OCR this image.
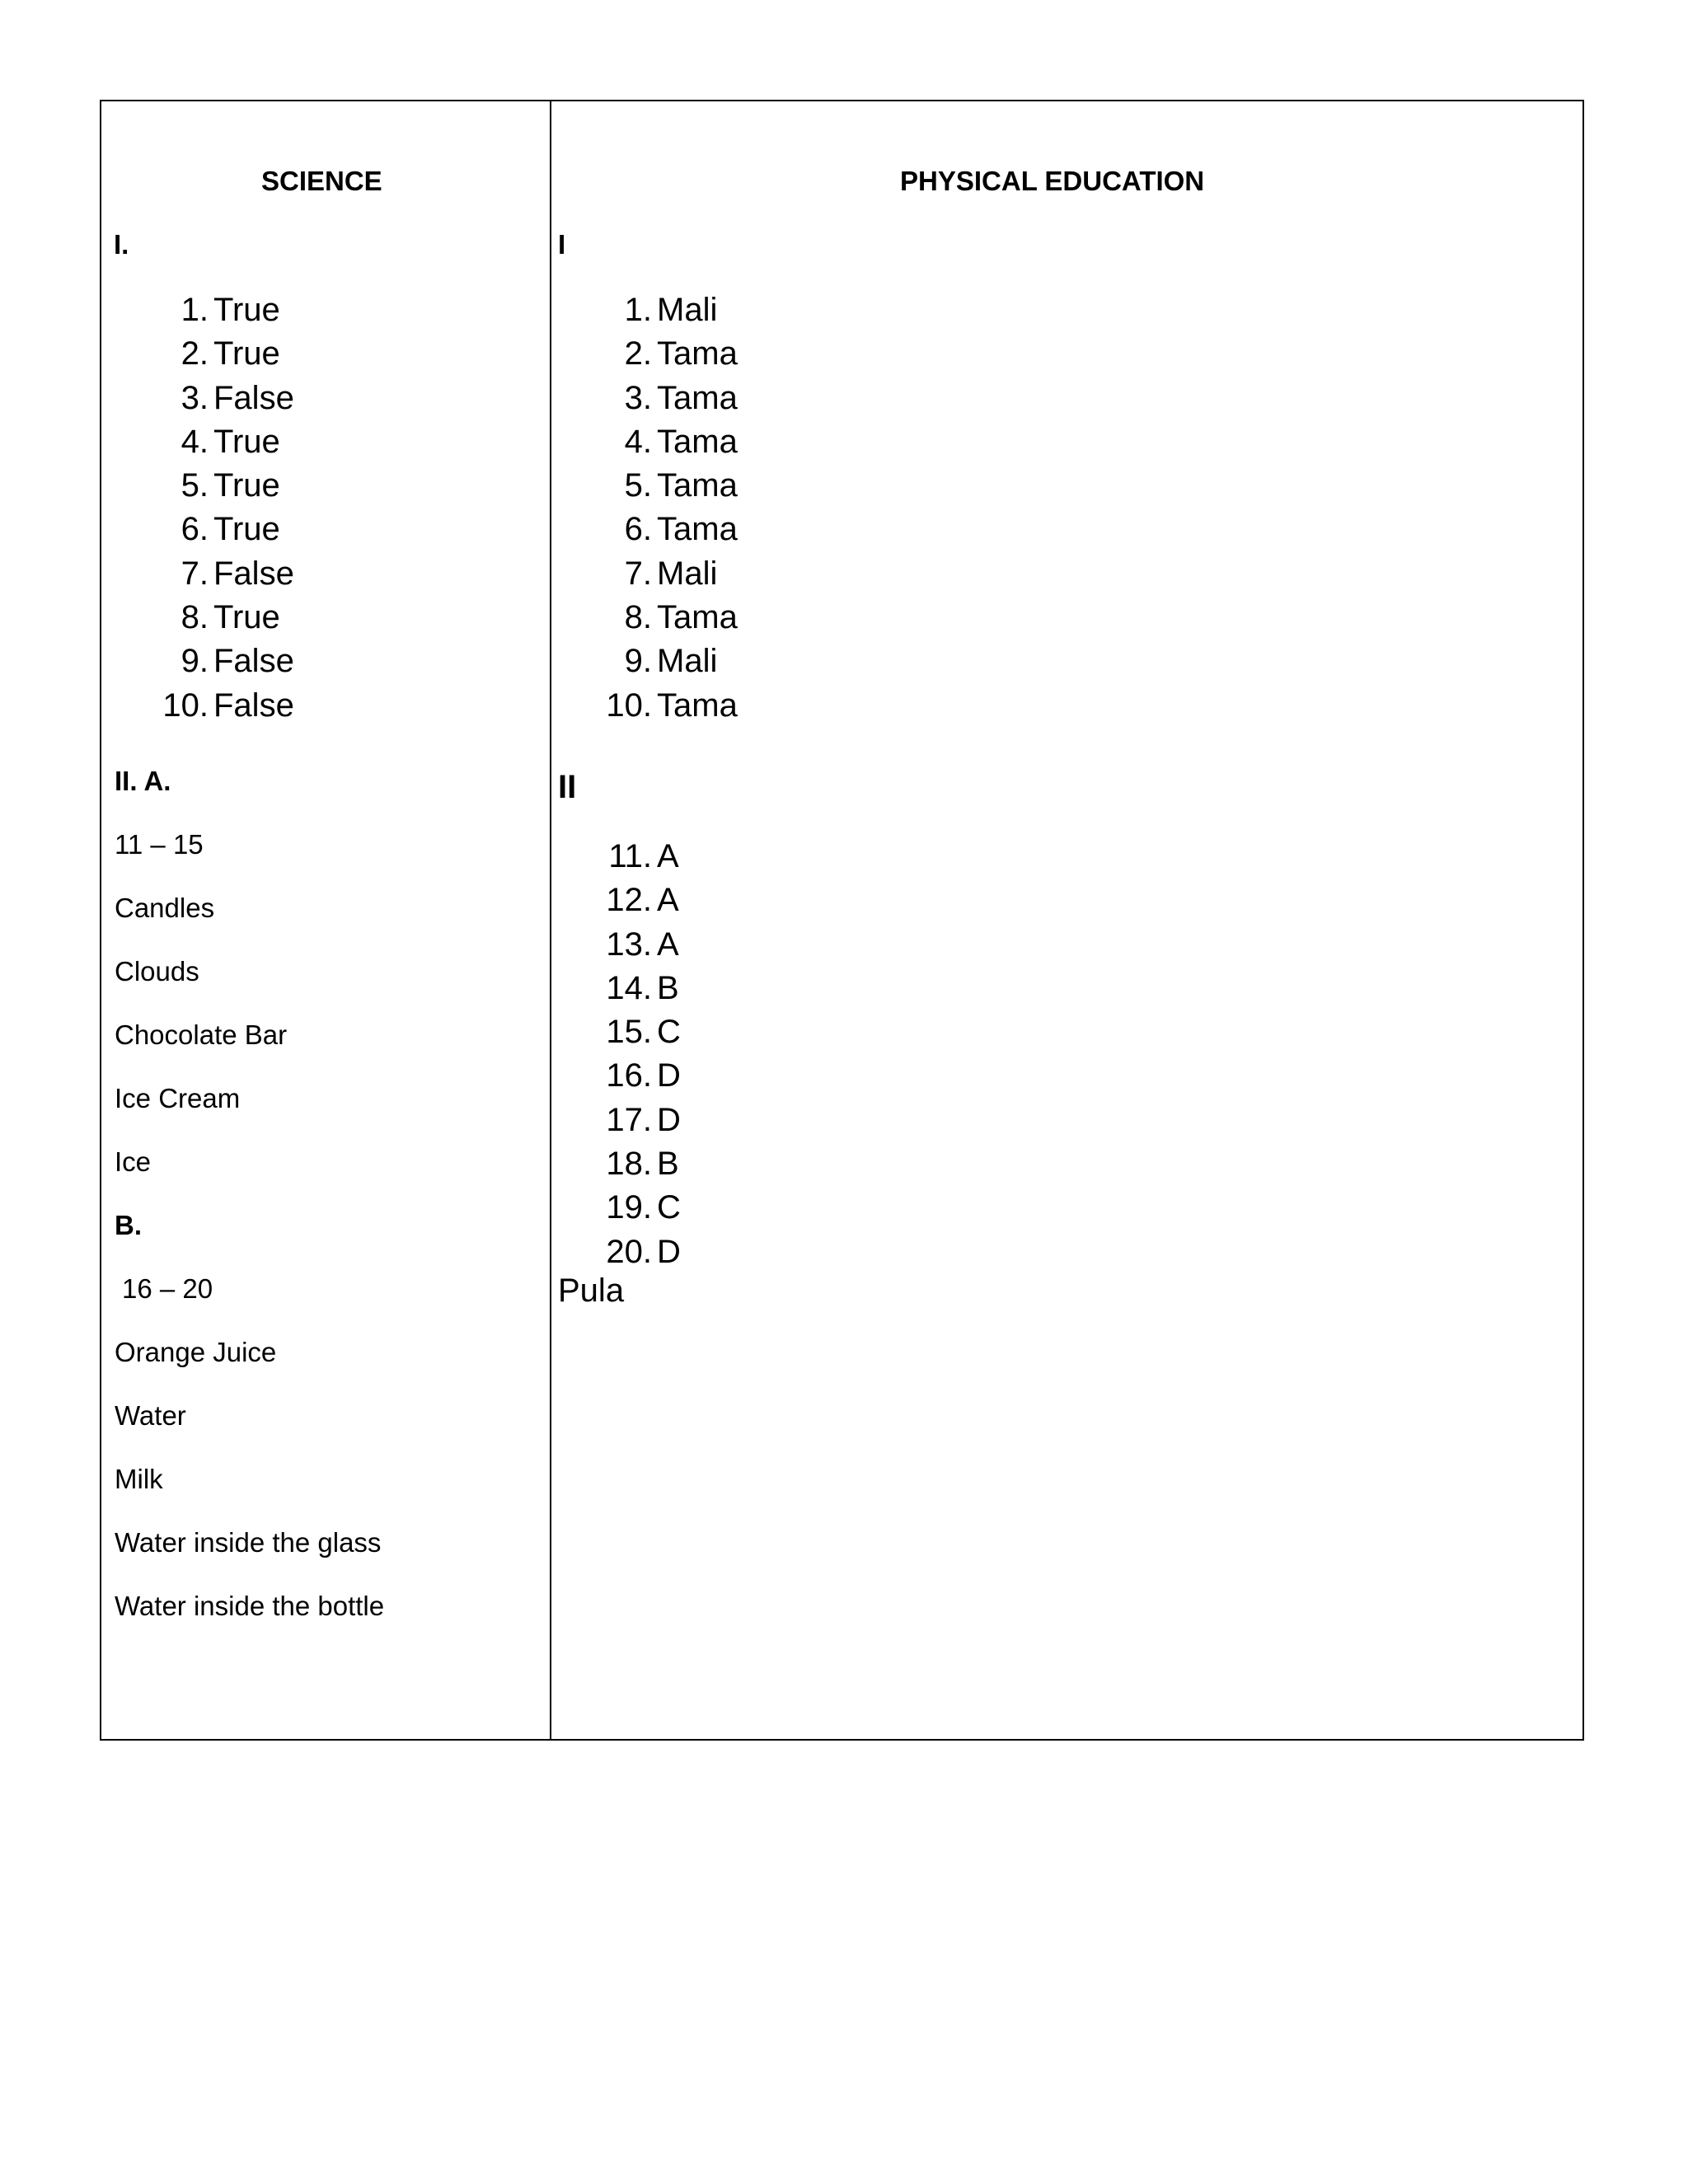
SCIENCE
I.
1. True
2. True
3. False
4. True
5. True
6. True
7. False
8. True
9. False
10. False
II. A.
11 – 15
Candles
Clouds
Chocolate Bar
Ice Cream
Ice
B.
16 – 20
Orange Juice
Water
Milk
Water inside the glass
Water inside the bottle
PHYSICAL EDUCATION
I
1. Mali
2. Tama
3. Tama
4. Tama
5. Tama
6. Tama
7. Mali
8. Tama
9. Mali
10. Tama
II
11. A
12. A
13. A
14. B
15. C
16. D
17. D
18. B
19. C
20. D
Pula
